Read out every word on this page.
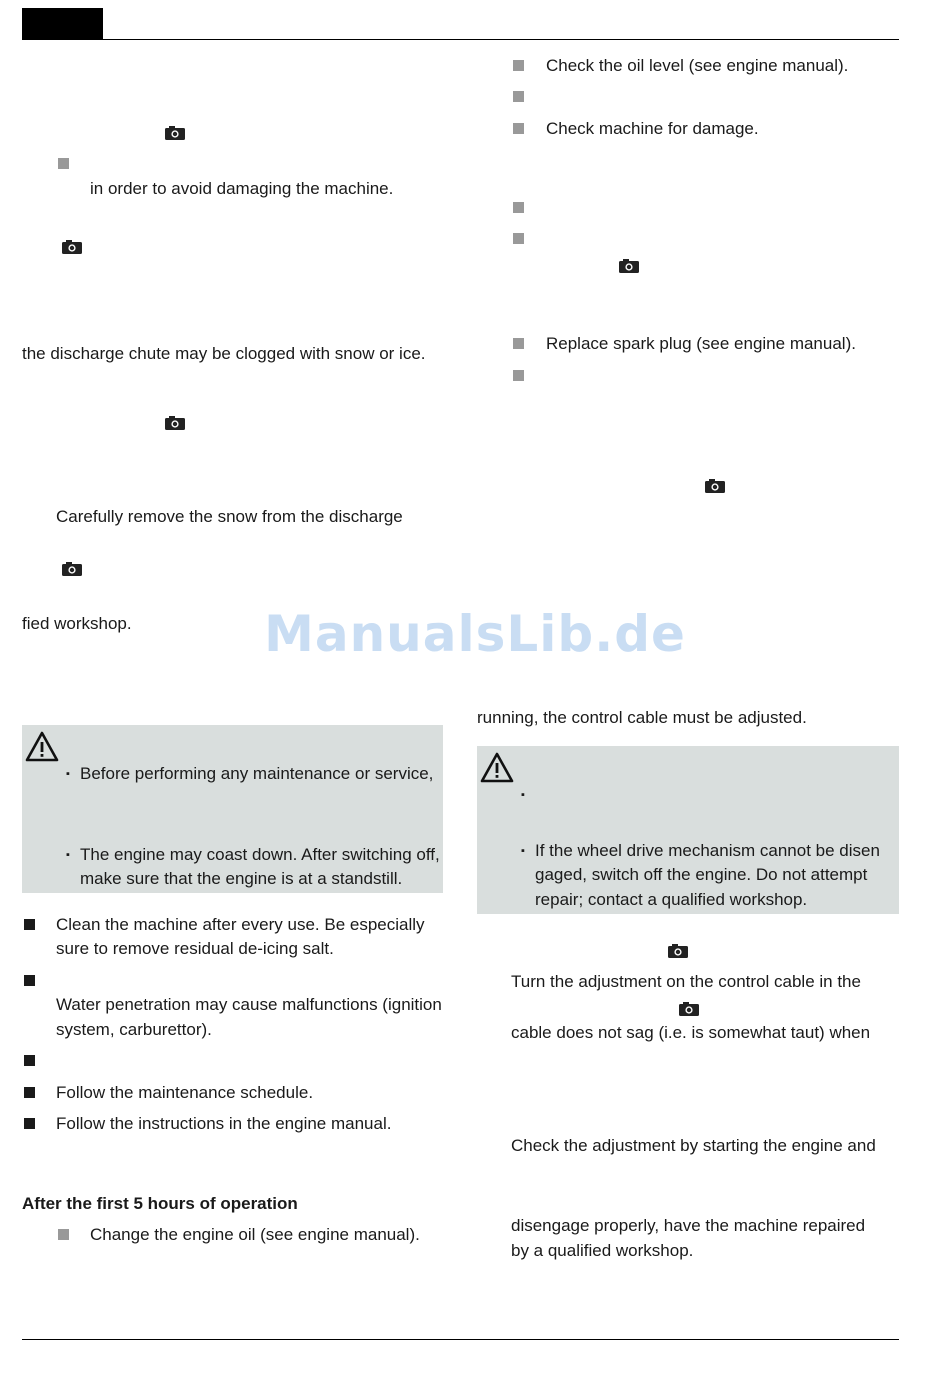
in order to avoid damaging the machine.
the discharge chute may be clogged with snow or ice.
Carefully remove the snow from the discharge
fied workshop.
▪ Before performing any maintenance or service,
▪ The engine may coast down. After switching off,
make sure that the engine is at a standstill.
Clean the machine after every use. Be especially
sure to remove residual de-icing salt.
Water penetration may cause malfunctions (ignition
system, carburettor).
Follow the maintenance schedule.
Follow the instructions in the engine manual.
After the first 5 hours of operation
Change the engine oil (see engine manual).
Check the oil level (see engine manual).
Check machine for damage.
Replace spark plug (see engine manual).
running, the control cable must be adjusted.
▪
▪ If the wheel drive mechanism cannot be disen
gaged, switch off the engine. Do not attempt
repair; contact a qualified workshop.
Turn the adjustment on the control cable in the
cable does not sag (i.e. is somewhat taut) when
Check the adjustment by starting the engine and
disengage properly, have the machine repaired
by a qualified workshop.
ManualsLib.de
